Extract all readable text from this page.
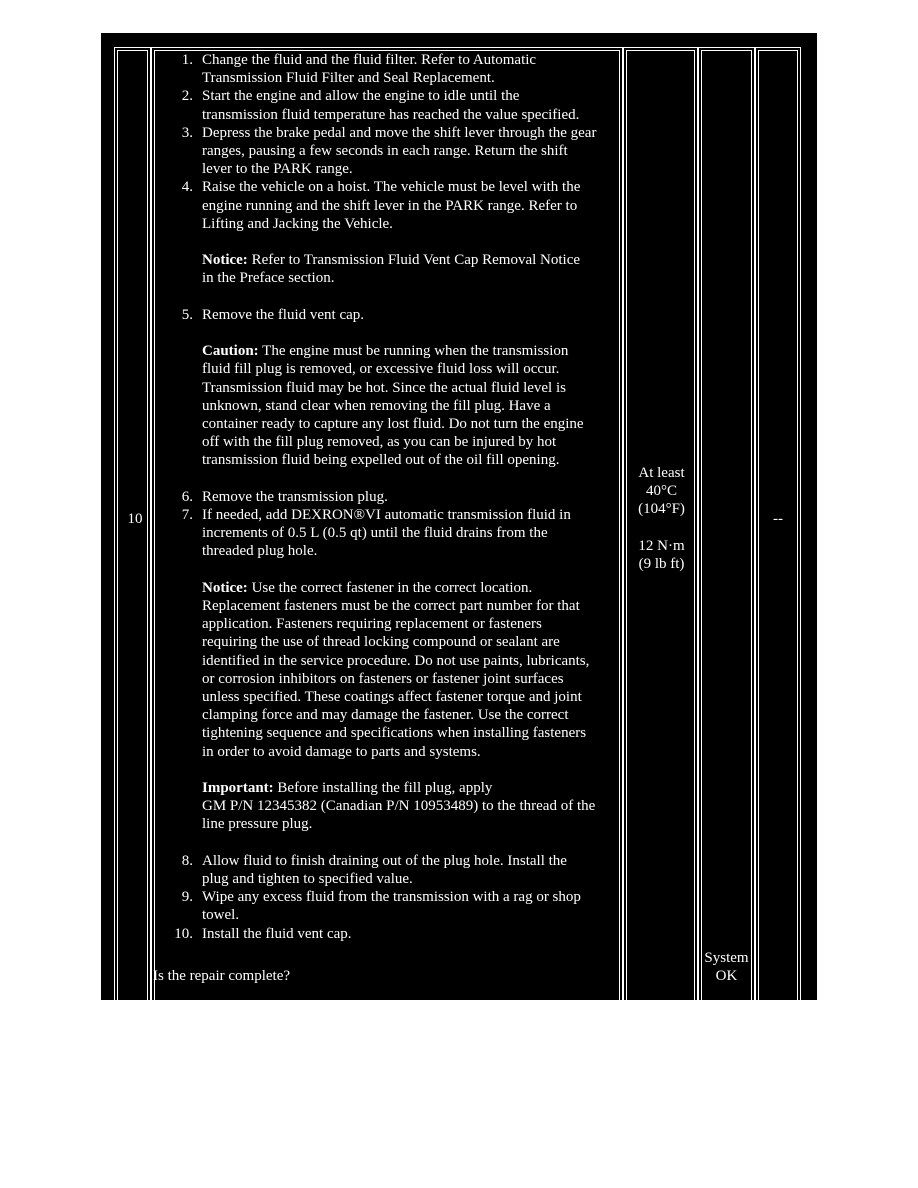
10
1. Change the fluid and the fluid filter. Refer to Automatic
Transmission Fluid Filter and Seal Replacement.
2. Start the engine and allow the engine to idle until the
transmission fluid temperature has reached the value specified.
3. Depress the brake pedal and move the shift lever through the gear
ranges, pausing a few seconds in each range. Return the shift
lever to the PARK range.
4. Raise the vehicle on a hoist. The vehicle must be level with the
engine running and the shift lever in the PARK range. Refer to
Lifting and Jacking the Vehicle.
Notice: Refer to Transmission Fluid Vent Cap Removal Notice
in the Preface section.
5. Remove the fluid vent cap.
Caution: The engine must be running when the transmission
fluid fill plug is removed, or excessive fluid loss will occur.
Transmission fluid may be hot. Since the actual fluid level is
unknown, stand clear when removing the fill plug. Have a
container ready to capture any lost fluid. Do not turn the engine
off with the fill plug removed, as you can be injured by hot
transmission fluid being expelled out of the oil fill opening.
6. Remove the transmission plug.
7. If needed, add DEXRON®VI automatic transmission fluid in
increments of 0.5 L (0.5 qt) until the fluid drains from the
threaded plug hole.
Notice: Use the correct fastener in the correct location.
Replacement fasteners must be the correct part number for that
application. Fasteners requiring replacement or fasteners
requiring the use of thread locking compound or sealant are
identified in the service procedure. Do not use paints, lubricants,
or corrosion inhibitors on fasteners or fastener joint surfaces
unless specified. These coatings affect fastener torque and joint
clamping force and may damage the fastener. Use the correct
tightening sequence and specifications when installing fasteners
in order to avoid damage to parts and systems.
Important: Before installing the fill plug, apply
GM P/N 12345382 (Canadian P/N 10953489) to the thread of the
line pressure plug.
8. Allow fluid to finish draining out of the plug hole. Install the
plug and tighten to specified value.
9. Wipe any excess fluid from the transmission with a rag or shop
towel.
10. Install the fluid vent cap.
Is the repair complete?
At least
40°C
(104°F)
12 N·m
(9 lb ft)
System
OK
--
